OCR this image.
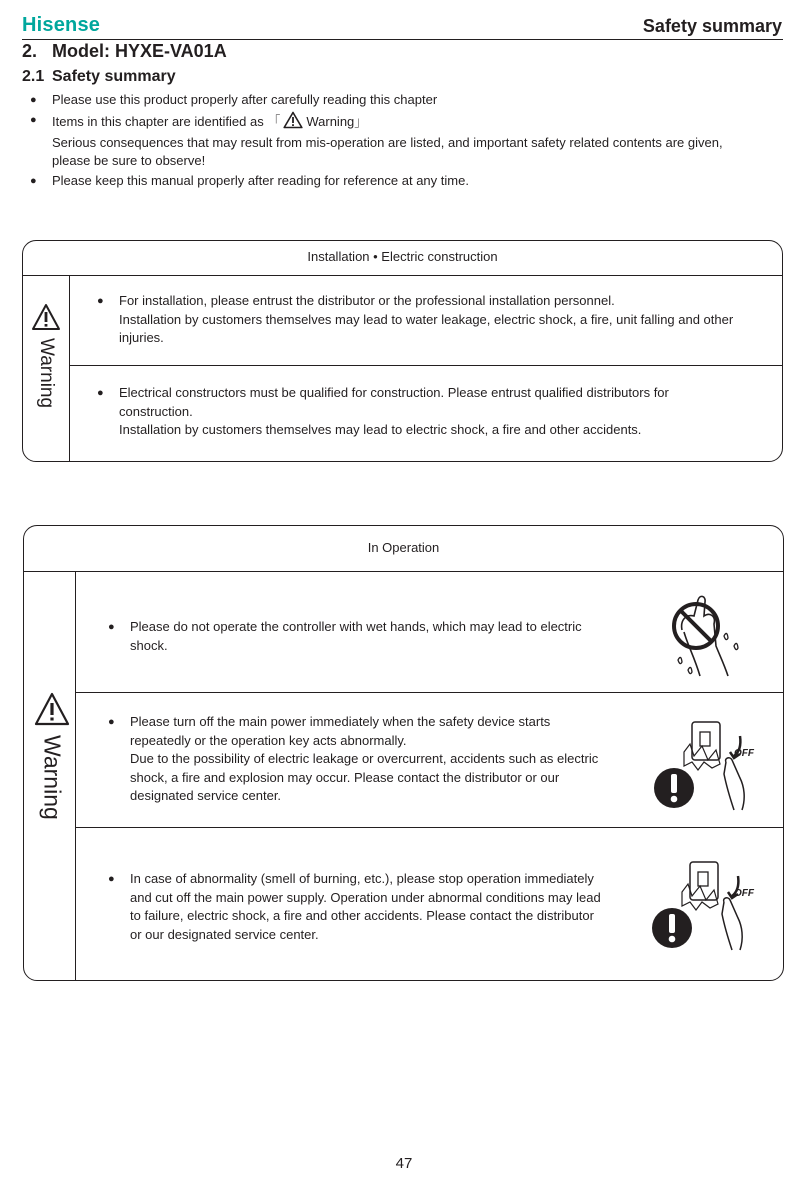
Hisense	Safety summary
2. Model: HYXE-VA01A
2.1 Safety summary
● Please use this product properly after carefully reading this chapter
● Items in this chapter are identified as 「 Warning」
Serious consequences that may result from mis-operation are listed, and important safety related contents are given,
please be sure to observe!
● Please keep this manual properly after reading for reference at any time.
Installation • Electric construction
Warning
● For installation, please entrust the distributor or the professional installation personnel.
Installation by customers themselves may lead to water leakage, electric shock, a fire, unit falling and other
injuries.
● Electrical constructors must be qualified for construction. Please entrust qualified distributors for
construction.
Installation by customers themselves may lead to electric shock, a fire and other accidents.
In Operation
Warning
● Please do not operate the controller with wet hands, which may lead to electric
shock.
● Please turn off the main power immediately when the safety device starts
repeatedly or the operation key acts abnormally.
Due to the possibility of electric leakage or overcurrent, accidents such as electric
shock, a fire and explosion may occur. Please contact the distributor or our
designated service center.
OFF
● In case of abnormality (smell of burning, etc.), please stop operation immediately
and cut off the main power supply. Operation under abnormal conditions may lead
to failure, electric shock, a fire and other accidents. Please contact the distributor
or our designated service center.
OFF
47
